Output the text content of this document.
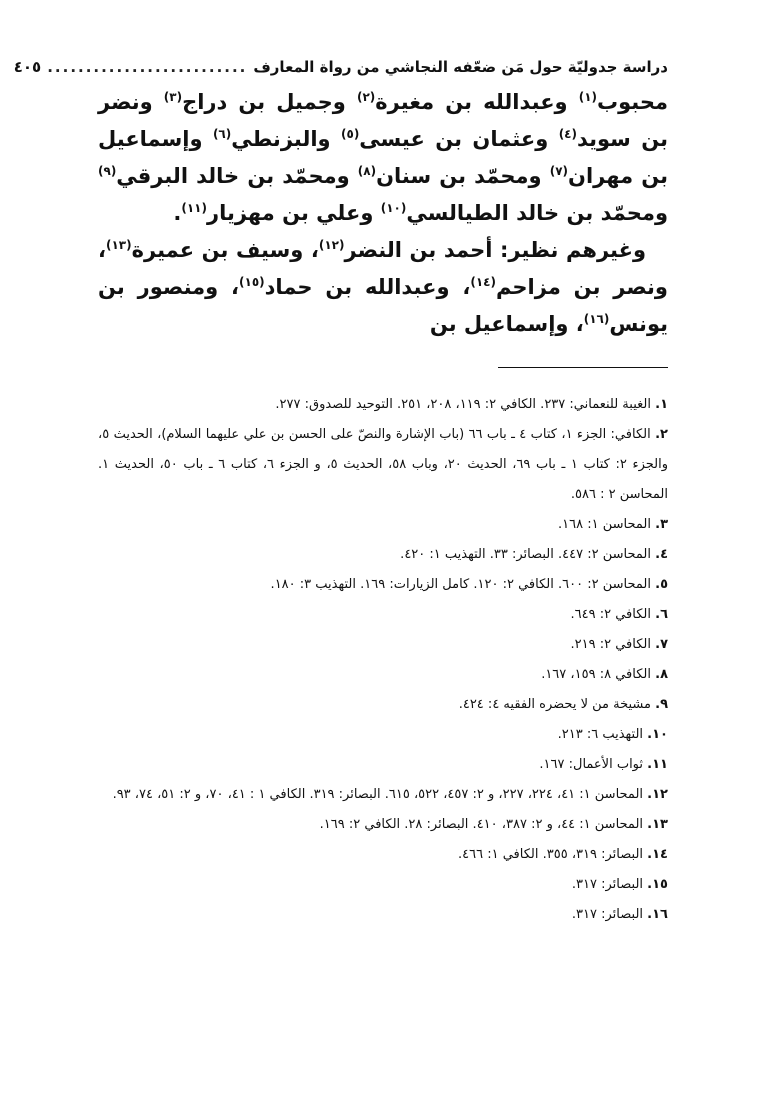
دراسة جدوليّة حول مَن ضعّفه النجاشي من رواة المعارف
..........................
٤٠٥

محبوب$^{(١)}$ وعبدالله بن مغيرة$^{(٢)}$ وجميل بن دراج$^{(٣)}$ ونضر بن سويد$^{(٤)}$ وعثمان بن عيسى$^{(٥)}$ والبزنطي$^{(٦)}$ وإسماعيل بن مهران$^{(٧)}$ ومحمّد بن سنان$^{(٨)}$ ومحمّد بن خالد البرقي$^{(٩)}$ ومحمّد بن خالد الطيالسي$^{(١٠)}$ وعلي بن مهزيار$^{(١١)}$.

وغيرهم نظير: أحمد بن النضر$^{(١٢)}$، وسيف بن عميرة$^{(١٣)}$، ونصر بن مزاحم$^{(١٤)}$، وعبدالله بن حماد$^{(١٥)}$، ومنصور بن يونس$^{(١٦)}$، وإسماعيل بن

١. الغيبة للنعماني: ٢٣٧. الكافي ٢: ١١٩، ٢٠٨، ٢٥١. التوحيد للصدوق: ٢٧٧.

٢. الكافي: الجزء ١، كتاب ٤ ـ باب ٦٦ (باب الإشارة والنصّ على الحسن بن علي عليهما السلام)، الحديث ٥، والجزء ٢: كتاب ١ ـ باب ٦٩، الحديث ٢٠، وباب ٥٨، الحديث ٥، و الجزء ٦، كتاب ٦ ـ باب ٥٠، الحديث ١. المحاسن ٢ : ٥٨٦.

٣. المحاسن ١: ١٦٨.

٤. المحاسن ٢: ٤٤٧. البصائر: ٣٣. التهذيب ١: ٤٢٠.

٥. المحاسن ٢: ٦٠٠. الكافي ٢: ١٢٠. كامل الزيارات: ١٦٩. التهذيب ٣: ١٨٠.

٦. الكافي ٢: ٦٤٩.

٧. الكافي ٢: ٢١٩.

٨. الكافي ٨: ١٥٩، ١٦٧.

٩. مشيخة من لا يحضره الفقيه ٤: ٤٢٤.

١٠. التهذيب ٦: ٢١٣.

١١. ثواب الأعمال: ١٦٧.

١٢. المحاسن ١: ٤١، ٢٢٤، ٢٢٧، و ٢: ٤٥٧، ٥٢٢، ٦١٥. البصائر: ٣١٩. الكافي ١ : ٤١، ٧٠، و ٢: ٥١، ٧٤، ٩٣.

١٣. المحاسن ١: ٤٤، و ٢: ٣٨٧، ٤١٠. البصائر: ٢٨. الكافي ٢: ١٦٩.

١٤. البصائر: ٣١٩، ٣٥٥. الكافي ١: ٤٦٦.

١٥. البصائر: ٣١٧.

١٦. البصائر: ٣١٧.
